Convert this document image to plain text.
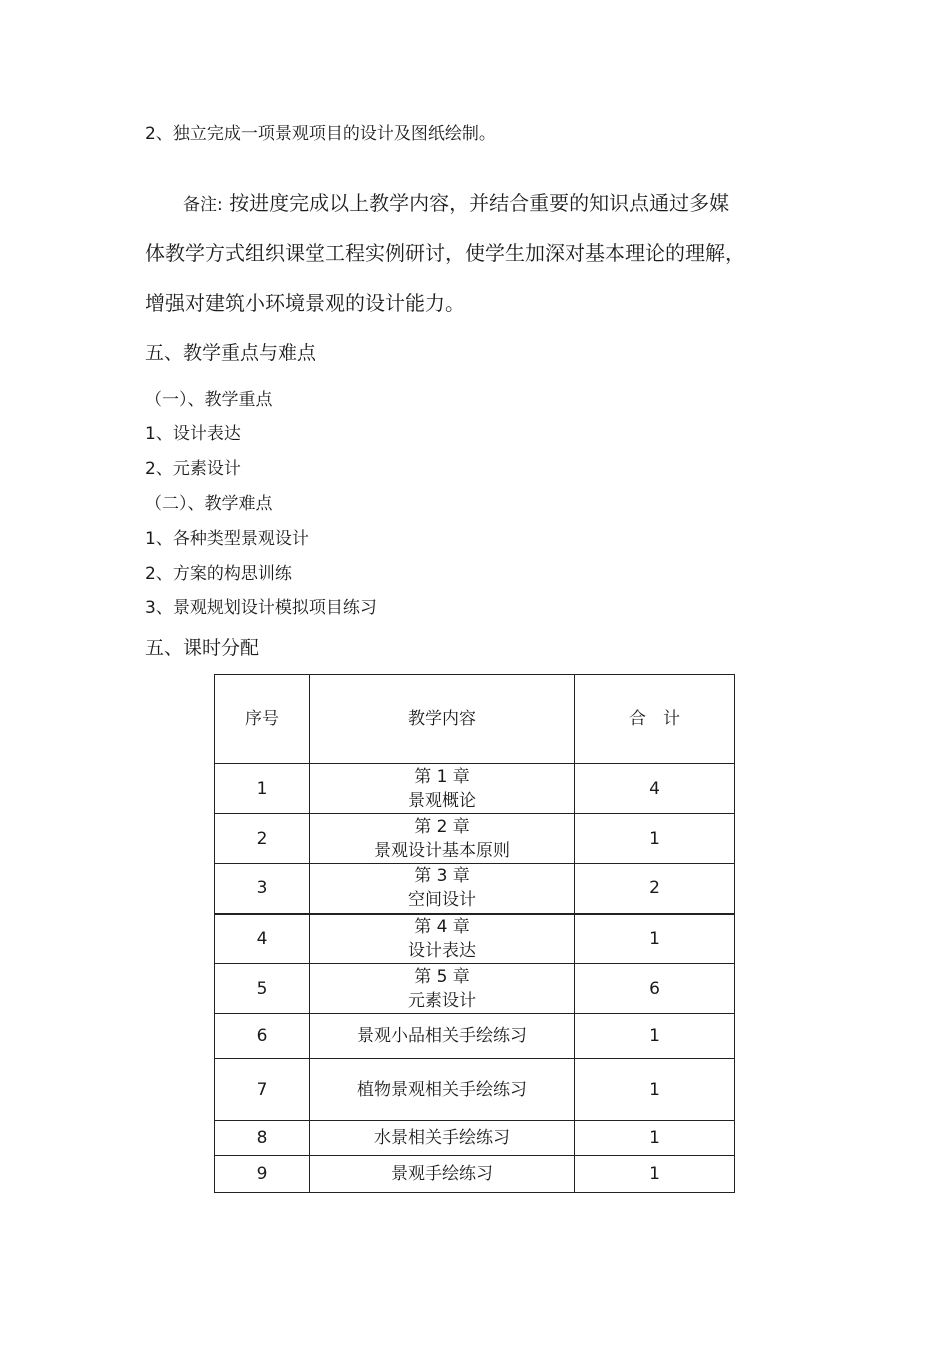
2、独立完成一项景观项目的设计及图纸绘制。
备注: 按进度完成以上教学内容，并结合重要的知识点通过多媒
体教学方式组织课堂工程实例研讨，使学生加深对基本理论的理解，
增强对建筑小环境景观的设计能力。
五、教学重点与难点
（一）、教学重点
1、设计表达
2、元素设计
（二）、教学难点
1、各种类型景观设计
2、方案的构思训练
3、景观规划设计模拟项目练习
五、课时分配
序号	教学内容	合　计
1	第 1 章
景观概论	4
2	第 2 章
景观设计基本原则	1
3	第 3 章
空间设计	2
4	第 4 章
设计表达	1
5	第 5 章
元素设计	6
6	景观小品相关手绘练习	1
7	植物景观相关手绘练习	1
8	水景相关手绘练习	1
9	景观手绘练习	1
